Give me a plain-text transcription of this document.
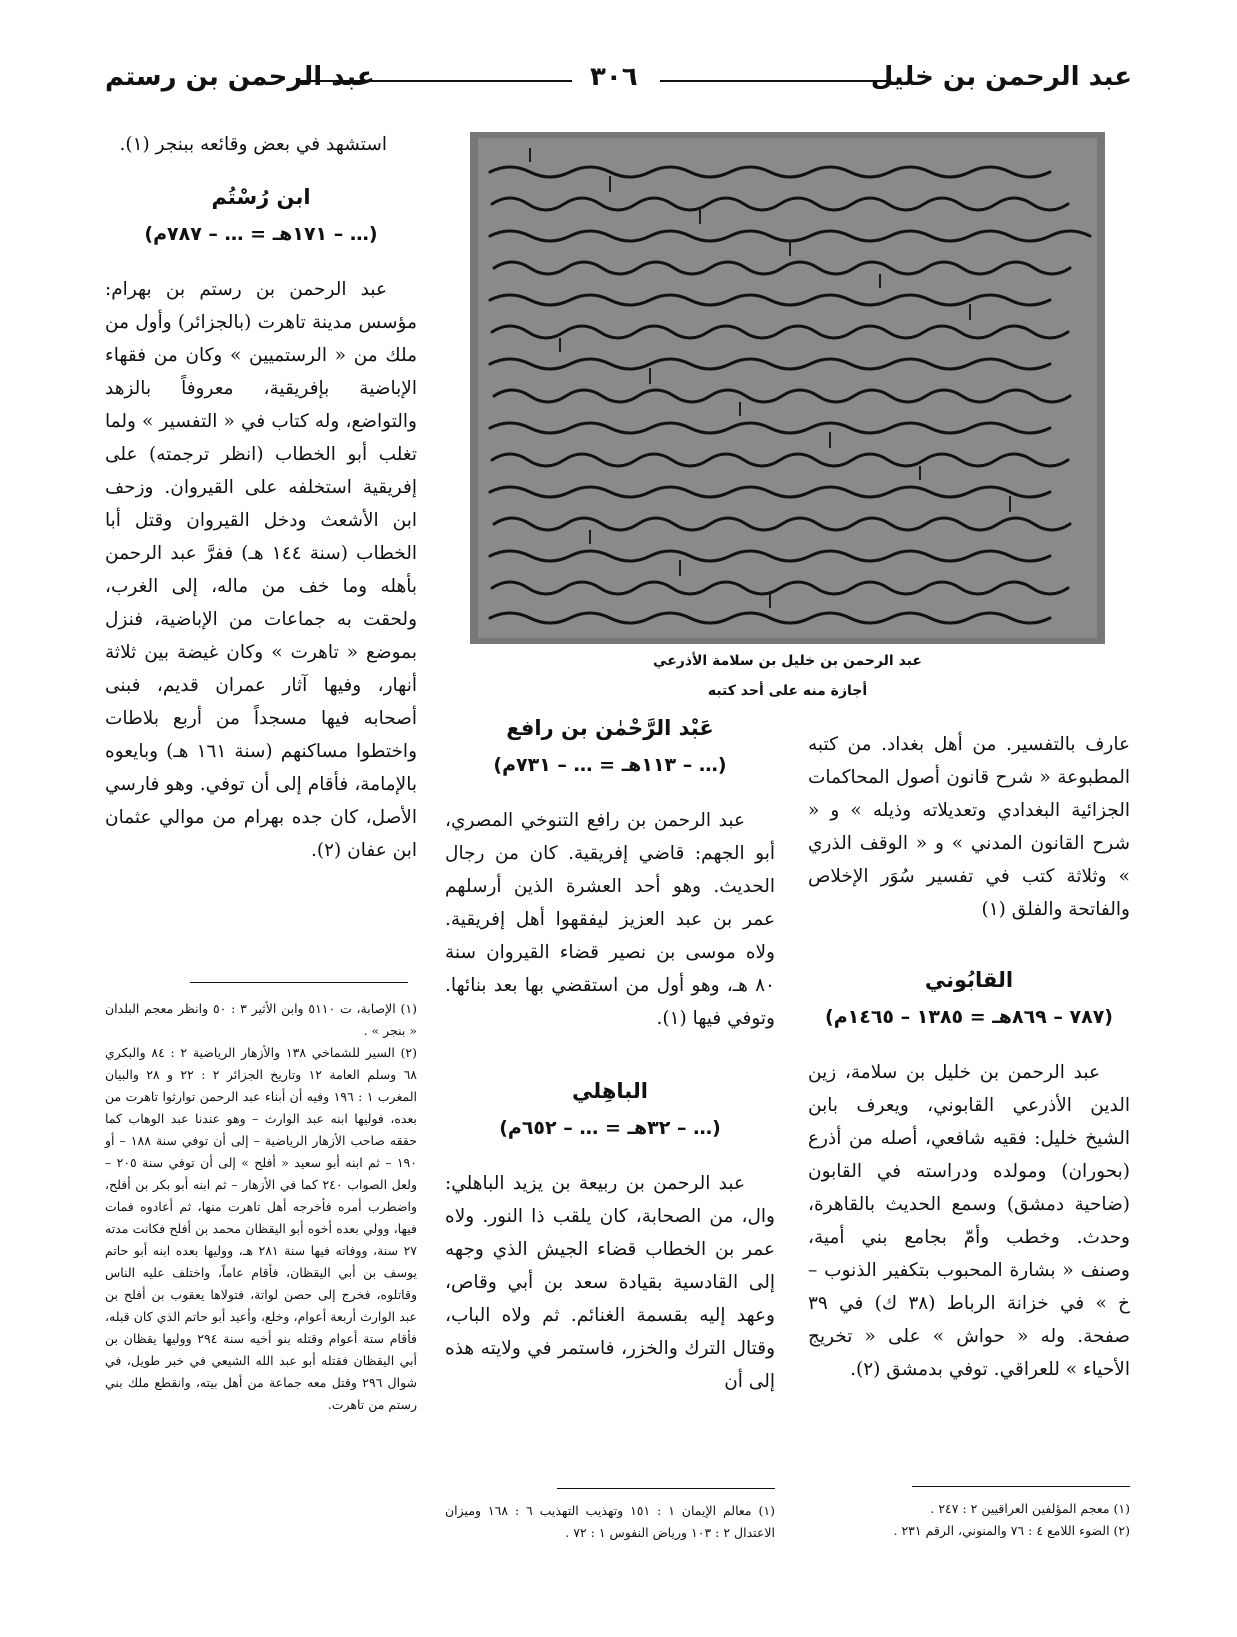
عبد الرحمن بن خليل
٣٠٦
عبد الرحمن بن رستم
عبد الرحمن بن خليل بن سلامة الأذرعي
أجازة منه على أحد كتبه

استشهد في بعض وقائعه ببنجر (١).

ابن رُسْتُم

(… – ١٧١هـ = … – ٧٨٧م)

عبد الرحمن بن رستم بن بهرام: مؤسس مدينة تاهرت (بالجزائر) وأول من ملك من « الرستميين » وكان من فقهاء الإباضية بإفريقية، معروفاً بالزهد والتواضع، وله كتاب في « التفسير » ولما تغلب أبو الخطاب (انظر ترجمته) على إفريقية استخلفه على القيروان. وزحف ابن الأشعث ودخل القيروان وقتل أبا الخطاب (سنة ١٤٤ هـ) ففرَّ عبد الرحمن بأهله وما خف من ماله، إلى الغرب، ولحقت به جماعات من الإباضية، فنزل بموضع « تاهرت » وكان غيضة بين ثلاثة أنهار، وفيها آثار عمران قديم، فبنى أصحابه فيها مسجداً من أربع بلاطات واختطوا مساكنهم (سنة ١٦١ هـ) وبايعوه بالإمامة، فأقام إلى أن توفي. وهو فارسي الأصل، كان جده بهرام من موالي عثمان ابن عفان (٢).

(١) الإصابة، ت ٥١١٠ وابن الأثير ٣ : ٥٠ وانظر معجم البلدان « بنجر » .

(٢) السير للشماخي ١٣٨ والأزهار الرياضية ٢ : ٨٤ والبكري ٦٨ وسلم العامة ١٢ وتاريخ الجزائر ٢ : ٢٢ و ٢٨ والبيان المغرب ١ : ١٩٦ وفيه أن أبناء عبد الرحمن توارثوا تاهرت من بعده، فوليها ابنه عبد الوارث – وهو عندنا عبد الوهاب كما حققه صاحب الأزهار الرياضية – إلى أن توفي سنة ١٨٨ – أو ١٩٠ – ثم ابنه أبو سعيد « أفلح » إلى أن توفي سنة ٢٠٥ – ولعل الصواب ٢٤٠ كما في الأزهار – ثم ابنه أبو بكر بن أفلح، واضطرب أمره فأخرجه أهل تاهرت منها، ثم أعادوه فمات فيها، وولي بعده أخوه أبو اليقظان محمد بن أفلح فكانت مدته ٢٧ سنة، ووفاته فيها سنة ٢٨١ هـ، ووليها بعده ابنه أبو حاتم يوسف بن أبي اليقظان، فأقام عاماً، واختلف عليه الناس وقاتلوه، فخرج إلى حصن لواتة، فتولاها يعقوب بن أفلح بن عبد الوارث أربعة أعوام، وخلع، وأعيد أبو حاتم الذي كان قبله، فأقام ستة أعوام وقتله بنو أخيه سنة ٢٩٤ ووليها يقظان بن أبي اليقظان فقتله أبو عبد الله الشيعي في خبر طويل، في شوال ٢٩٦ وقتل معه جماعة من أهل بيته، وانقطع ملك بني رستم من تاهرت.

عَبْد الرَّحْمٰن بن رافع

(… – ١١٣هـ = … – ٧٣١م)

عبد الرحمن بن رافع التنوخي المصري، أبو الجهم: قاضي إفريقية. كان من رجال الحديث. وهو أحد العشرة الذين أرسلهم عمر بن عبد العزيز ليفقهوا أهل إفريقية. ولاه موسى بن نصير قضاء القيروان سنة ٨٠ هـ، وهو أول من استقضي بها بعد بنائها. وتوفي فيها (١).

الباهِلي

(… – ٣٢هـ = … – ٦٥٢م)

عبد الرحمن بن ربيعة بن يزيد الباهلي: وال، من الصحابة، كان يلقب ذا النور. ولاه عمر بن الخطاب قضاء الجيش الذي وجهه إلى القادسية بقيادة سعد بن أبي وقاص، وعهد إليه بقسمة الغنائم. ثم ولاه الباب، وقتال الترك والخزر، فاستمر في ولايته هذه إلى أن

(١) معالم الإيمان ١ : ١٥١ وتهذيب التهذيب ٦ : ١٦٨ وميزان الاعتدال ٢ : ١٠٣ ورياض النفوس ١ : ٧٢ .

عارف بالتفسير. من أهل بغداد. من كتبه المطبوعة « شرح قانون أصول المحاكمات الجزائية البغدادي وتعديلاته وذيله » و « شرح القانون المدني » و « الوقف الذري » وثلاثة كتب في تفسير سُوَر الإخلاص والفاتحة والفلق (١)

القابُوني

(٧٨٧ – ٨٦٩هـ = ١٣٨٥ – ١٤٦٥م)

عبد الرحمن بن خليل بن سلامة، زين الدين الأذرعي القابوني، ويعرف بابن الشيخ خليل: فقيه شافعي، أصله من أذرع (بحوران) ومولده ودراسته في القابون (ضاحية دمشق) وسمع الحديث بالقاهرة، وحدث. وخطب وأمّ بجامع بني أمية، وصنف « بشارة المحبوب بتكفير الذنوب – خ » في خزانة الرباط (٣٨ ك) في ٣٩ صفحة. وله « حواش » على « تخريج الأحياء » للعراقي. توفي بدمشق (٢).

(١) معجم المؤلفين العراقيين ٢ : ٢٤٧ .

(٢) الضوء اللامع ٤ : ٧٦ والمنوني، الرقم ٢٣١ .
